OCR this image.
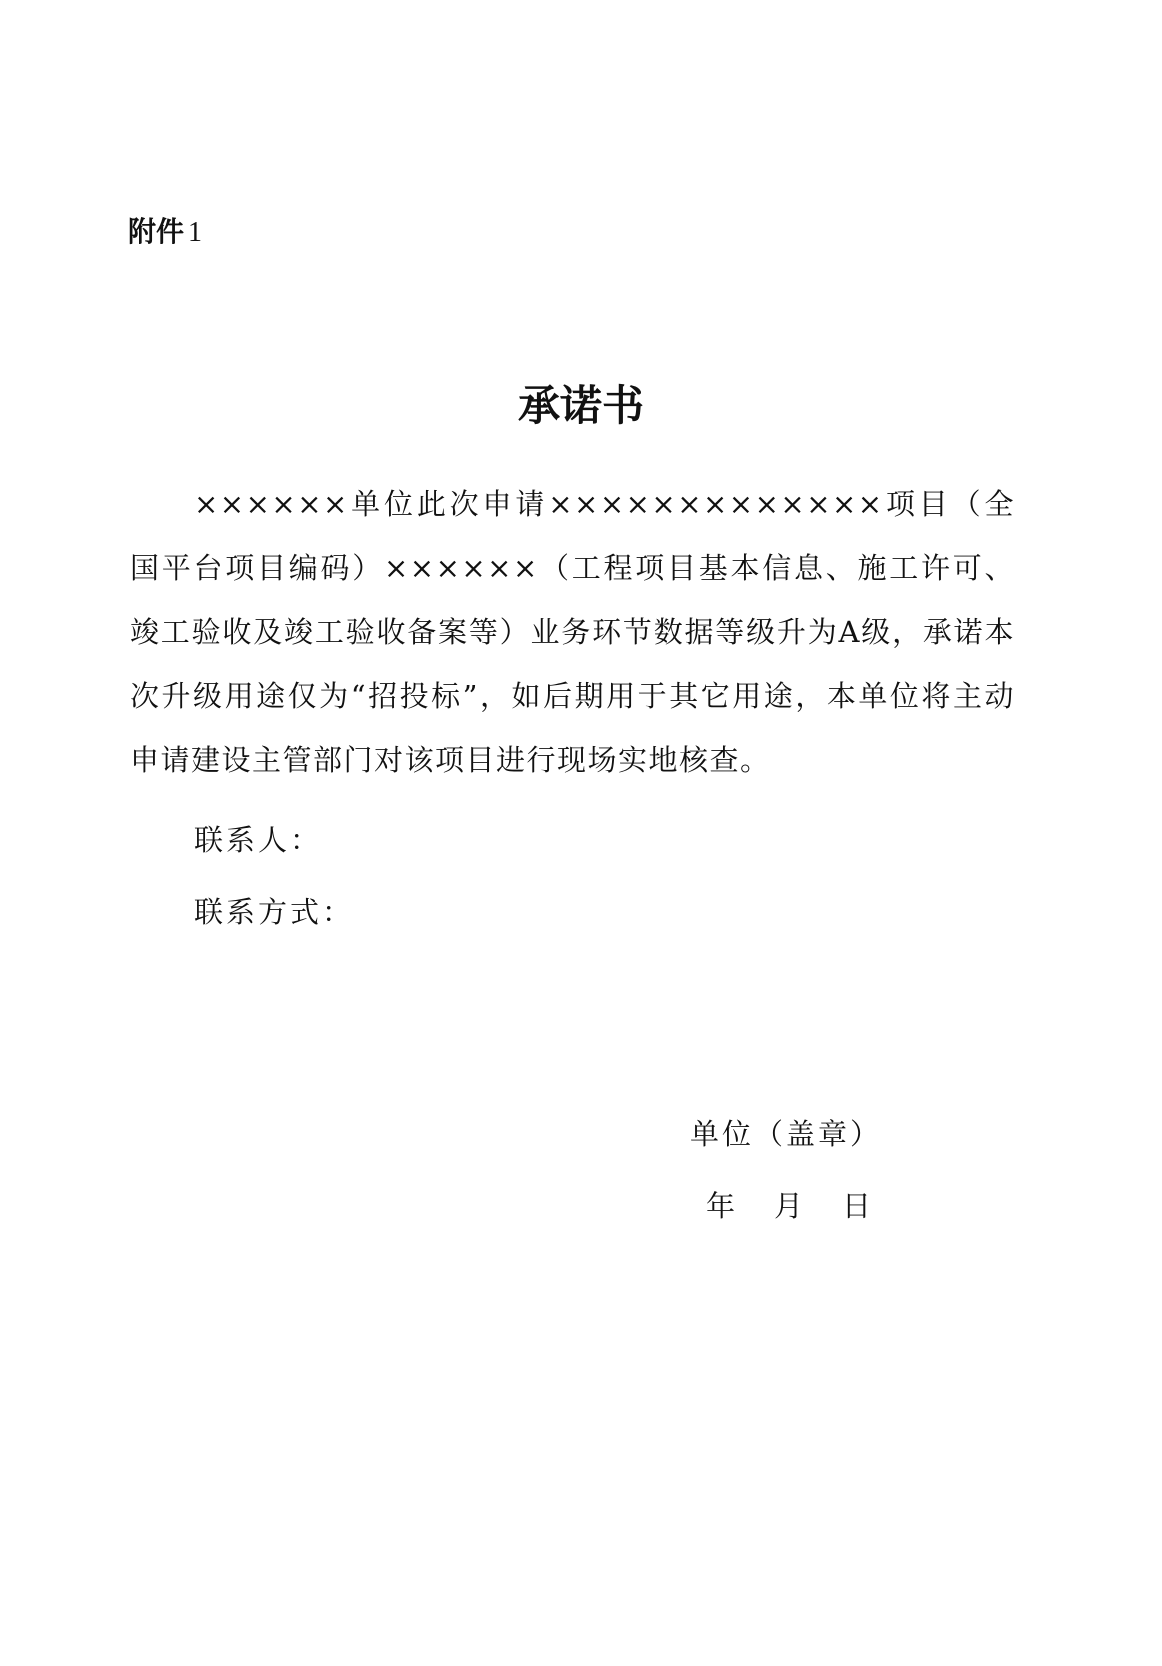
附件 1
承诺书

××××××单位此次申请×××××××××××××项目（全国平台项目编码）××××××（工程项目基本信息、施工许可、竣工验收及竣工验收备案等）业务环节数据等级升为A级，承诺本次升级用途仅为“招投标”，如后期用于其它用途，本单位将主动申请建设主管部门对该项目进行现场实地核查。

联系人：
联系方式：
单位（盖章）
年 月 日
